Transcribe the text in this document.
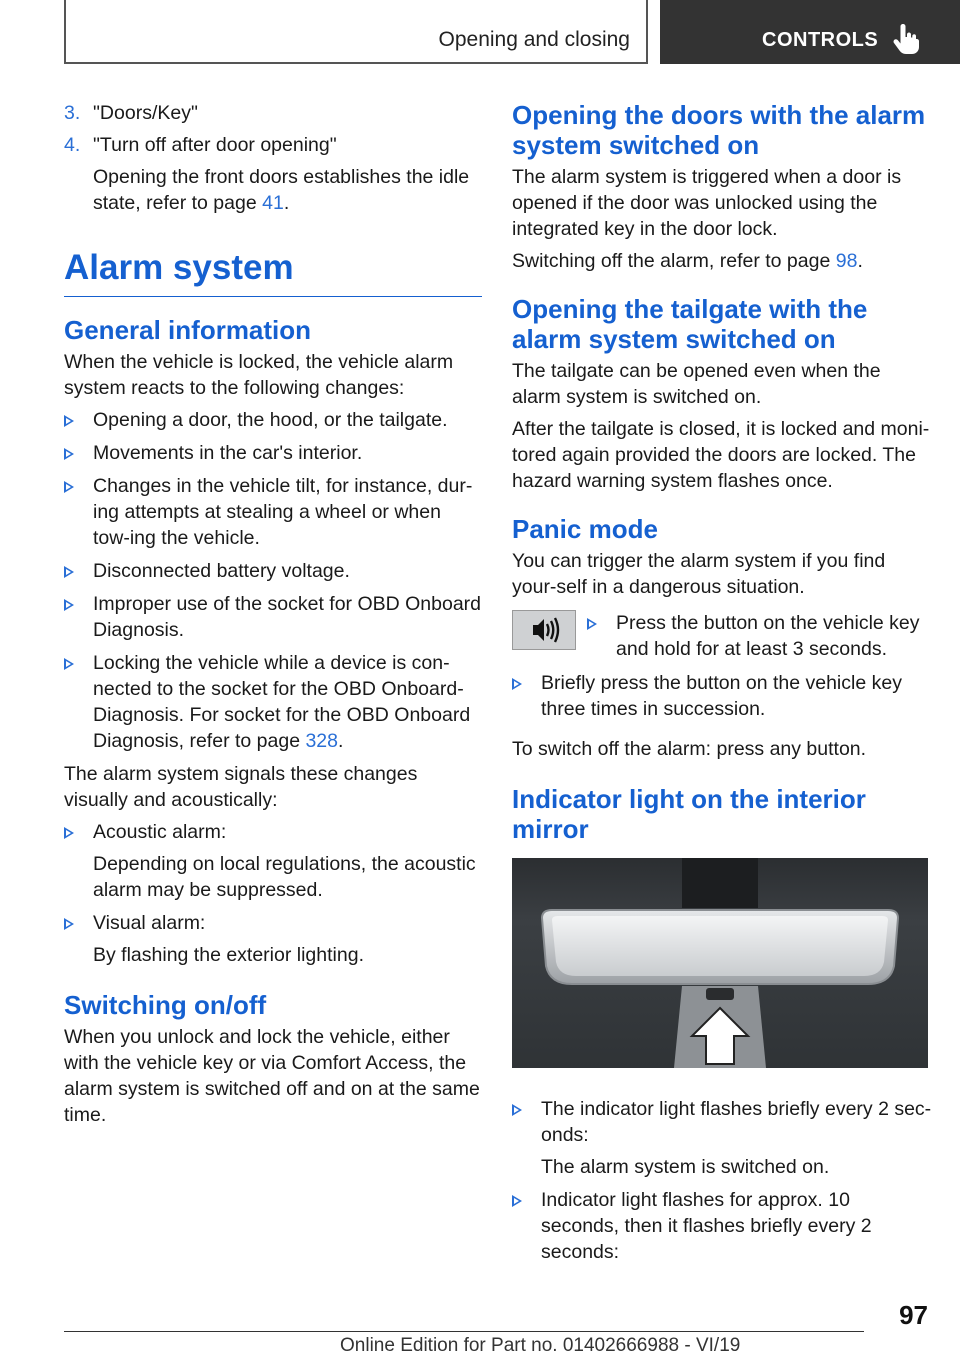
Opening and closing	CONTROLS
3. "Doors/Key"
4. "Turn off after door opening"
Opening the front doors establishes the idle state, refer to page 41.
Alarm system
General information

When the vehicle is locked, the vehicle alarm system reacts to the following changes:

Opening a door, the hood, or the tailgate.
Movements in the car's interior.
Changes in the vehicle tilt, for instance, dur-ing attempts at stealing a wheel or when tow-ing the vehicle.
Disconnected battery voltage.
Improper use of the socket for OBD Onboard Diagnosis.
Locking the vehicle while a device is con-nected to the socket for the OBD Onboard-Diagnosis. For socket for the OBD Onboard Diagnosis, refer to page 328.

The alarm system signals these changes visually and acoustically:

Acoustic alarm:
Depending on local regulations, the acoustic alarm may be suppressed.
Visual alarm:
By flashing the exterior lighting.
Switching on/off

When you unlock and lock the vehicle, either with the vehicle key or via Comfort Access, the alarm system is switched off and on at the same time.

Opening the doors with the alarm system switched on

The alarm system is triggered when a door is opened if the door was unlocked using the integrated key in the door lock.

Switching off the alarm, refer to page 98.

Opening the tailgate with the alarm system switched on

The tailgate can be opened even when the alarm system is switched on.

After the tailgate is closed, it is locked and moni-tored again provided the doors are locked. The hazard warning system flashes once.

Panic mode

You can trigger the alarm system if you find your-self in a dangerous situation.

Press the button on the vehicle key and hold for at least 3 seconds.
Briefly press the button on the vehicle key three times in succession.

To switch off the alarm: press any button.

Indicator light on the interior mirror
The indicator light flashes briefly every 2 sec-onds:
The alarm system is switched on.
Indicator light flashes for approx. 10 seconds, then it flashes briefly every 2 seconds:
97
Online Edition for Part no. 01402666988 - VI/19
